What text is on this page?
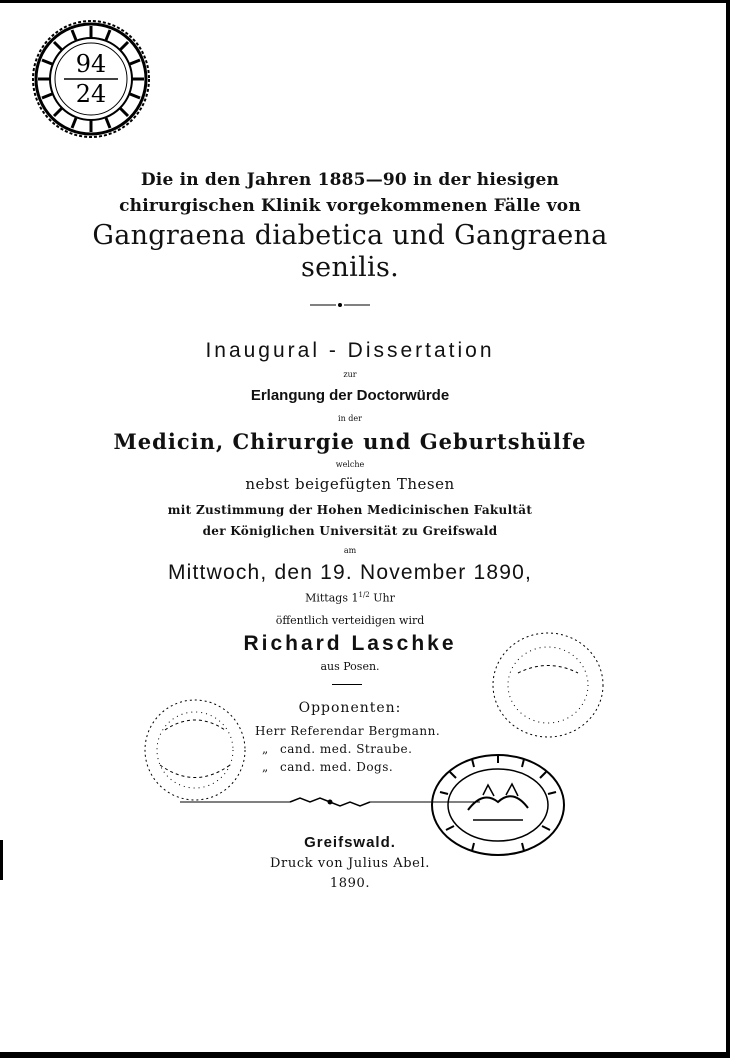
94
24
Die in den Jahren 1885—90 in der hiesigen
chirurgischen Klinik vorgekommenen Fälle von
Gangraena diabetica und Gangraena
senilis.
Inaugural - Dissertation
zur
Erlangung der Doctorwürde
in der
Medicin, Chirurgie und Geburtshülfe
welche
nebst beigefügten Thesen
mit Zustimmung der Hohen Medicinischen Fakultät
der Königlichen Universität zu Greifswald
am
Mittwoch, den 19. November 1890,
Mittags $1^{1/2}$ Uhr
öffentlich verteidigen wird
Richard Laschke
aus Posen.
Opponenten:
Herr Referendar Bergmann.
„ cand. med. Straube.
„ cand. med. Dogs.
Greifswald.
Druck von Julius Abel.
1890.
